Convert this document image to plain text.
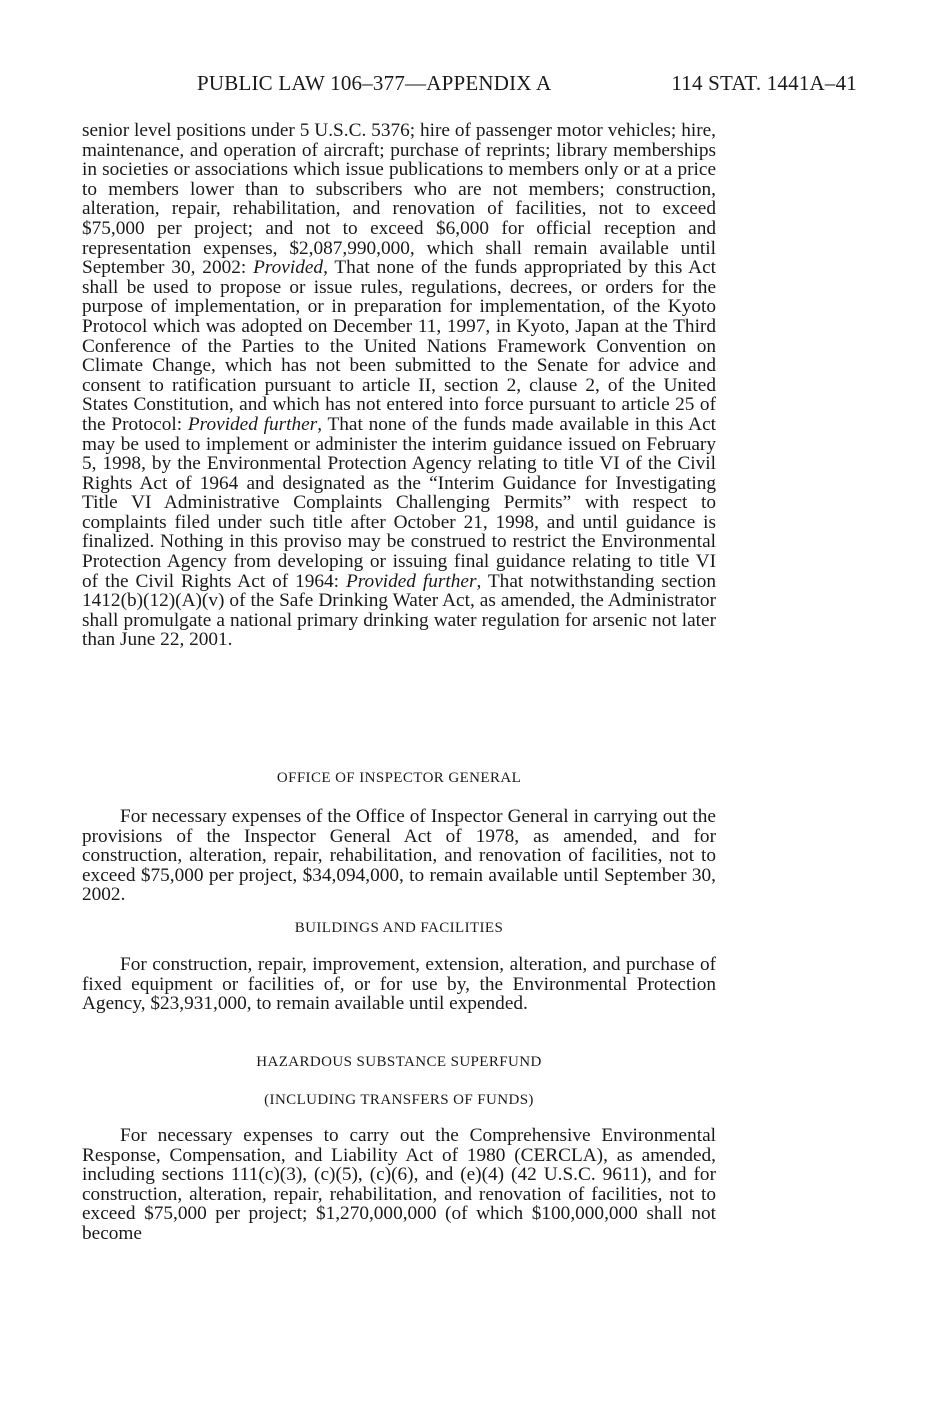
PUBLIC LAW 106–377—APPENDIX A	114 STAT. 1441A–41

senior level positions under 5 U.S.C. 5376; hire of passenger motor vehicles; hire, maintenance, and operation of aircraft; purchase of reprints; library memberships in societies or associations which issue publications to members only or at a price to members lower than to subscribers who are not members; construction, alteration, repair, rehabilitation, and renovation of facilities, not to exceed $75,000 per project; and not to exceed $6,000 for official reception and representation expenses, $2,087,990,000, which shall remain available until September 30, 2002: Provided, That none of the funds appropriated by this Act shall be used to propose or issue rules, regulations, decrees, or orders for the purpose of implementation, or in preparation for implementation, of the Kyoto Protocol which was adopted on December 11, 1997, in Kyoto, Japan at the Third Conference of the Parties to the United Nations Framework Convention on Climate Change, which has not been submitted to the Senate for advice and consent to ratification pursuant to article II, section 2, clause 2, of the United States Constitution, and which has not entered into force pursuant to article 25 of the Protocol: Provided further, That none of the funds made available in this Act may be used to implement or administer the interim guidance issued on February 5, 1998, by the Environmental Protection Agency relating to title VI of the Civil Rights Act of 1964 and designated as the “Interim Guidance for Investigating Title VI Administrative Complaints Challenging Permits” with respect to complaints filed under such title after October 21, 1998, and until guidance is finalized. Nothing in this proviso may be construed to restrict the Environmental Protection Agency from developing or issuing final guidance relating to title VI of the Civil Rights Act of 1964: Provided further, That notwithstanding section 1412(b)(12)(A)(v) of the Safe Drinking Water Act, as amended, the Administrator shall promulgate a national primary drinking water regulation for arsenic not later than June 22, 2001.

OFFICE OF INSPECTOR GENERAL

For necessary expenses of the Office of Inspector General in carrying out the provisions of the Inspector General Act of 1978, as amended, and for construction, alteration, repair, rehabilitation, and renovation of facilities, not to exceed $75,000 per project, $34,094,000, to remain available until September 30, 2002.

BUILDINGS AND FACILITIES

For construction, repair, improvement, extension, alteration, and purchase of fixed equipment or facilities of, or for use by, the Environmental Protection Agency, $23,931,000, to remain available until expended.

HAZARDOUS SUBSTANCE SUPERFUND
(INCLUDING TRANSFERS OF FUNDS)

For necessary expenses to carry out the Comprehensive Environmental Response, Compensation, and Liability Act of 1980 (CERCLA), as amended, including sections 111(c)(3), (c)(5), (c)(6), and (e)(4) (42 U.S.C. 9611), and for construction, alteration, repair, rehabilitation, and renovation of facilities, not to exceed $75,000 per project; $1,270,000,000 (of which $100,000,000 shall not become
